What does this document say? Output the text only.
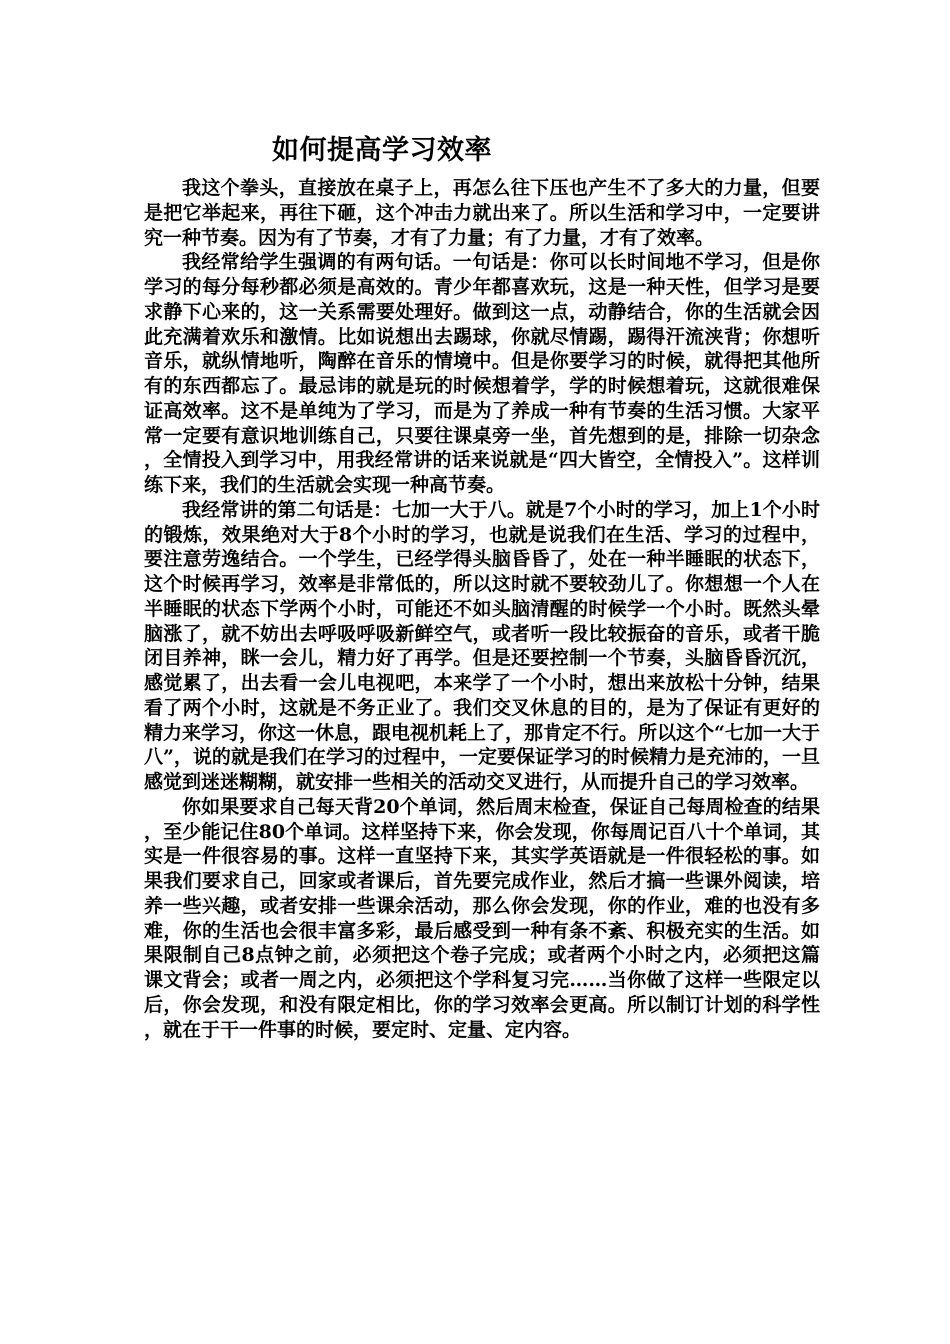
如何提高学习效率

我这个拳头，直接放在桌子上，再怎么往下压也产生不了多大的力量，但要是把它举起来，再往下砸，这个冲击力就出来了。所以生活和学习中，一定要讲究一种节奏。因为有了节奏，才有了力量；有了力量，才有了效率。

我经常给学生强调的有两句话。一句话是：你可以长时间地不学习，但是你学习的每分每秒都必须是高效的。青少年都喜欢玩，这是一种天性，但学习是要求静下心来的，这一关系需要处理好。做到这一点，动静结合，你的生活就会因此充满着欢乐和激情。比如说想出去踢球，你就尽情踢，踢得汗流浃背；你想听音乐，就纵情地听，陶醉在音乐的情境中。但是你要学习的时候，就得把其他所有的东西都忘了。最忌讳的就是玩的时候想着学，学的时候想着玩，这就很难保证高效率。这不是单纯为了学习，而是为了养成一种有节奏的生活习惯。大家平常一定要有意识地训练自己，只要往课桌旁一坐，首先想到的是，排除一切杂念，全情投入到学习中，用我经常讲的话来说就是“四大皆空，全情投入”。这样训练下来，我们的生活就会实现一种高节奏。

我经常讲的第二句话是：七加一大于八。就是7个小时的学习，加上1个小时的锻炼，效果绝对大于8个小时的学习，也就是说我们在生活、学习的过程中，要注意劳逸结合。一个学生，已经学得头脑昏昏了，处在一种半睡眠的状态下，这个时候再学习，效率是非常低的，所以这时就不要较劲儿了。你想想一个人在半睡眠的状态下学两个小时，可能还不如头脑清醒的时候学一个小时。既然头晕脑涨了，就不妨出去呼吸呼吸新鲜空气，或者听一段比较振奋的音乐，或者干脆闭目养神，眯一会儿，精力好了再学。但是还要控制一个节奏，头脑昏昏沉沉，感觉累了，出去看一会儿电视吧，本来学了一个小时，想出来放松十分钟，结果看了两个小时，这就是不务正业了。我们交叉休息的目的，是为了保证有更好的精力来学习，你这一休息，跟电视机耗上了，那肯定不行。所以这个“七加一大于八”，说的就是我们在学习的过程中，一定要保证学习的时候精力是充沛的，一旦感觉到迷迷糊糊，就安排一些相关的活动交叉进行，从而提升自己的学习效率。

你如果要求自己每天背20个单词，然后周末检查，保证自己每周检查的结果，至少能记住80个单词。这样坚持下来，你会发现，你每周记百八十个单词，其实是一件很容易的事。这样一直坚持下来，其实学英语就是一件很轻松的事。如果我们要求自己，回家或者课后，首先要完成作业，然后才搞一些课外阅读，培养一些兴趣，或者安排一些课余活动，那么你会发现，你的作业，难的也没有多难，你的生活也会很丰富多彩，最后感受到一种有条不紊、积极充实的生活。如果限制自己8点钟之前，必须把这个卷子完成；或者两个小时之内，必须把这篇课文背会；或者一周之内，必须把这个学科复习完……当你做了这样一些限定以后，你会发现，和没有限定相比，你的学习效率会更高。所以制订计划的科学性，就在于干一件事的时候，要定时、定量、定内容。
